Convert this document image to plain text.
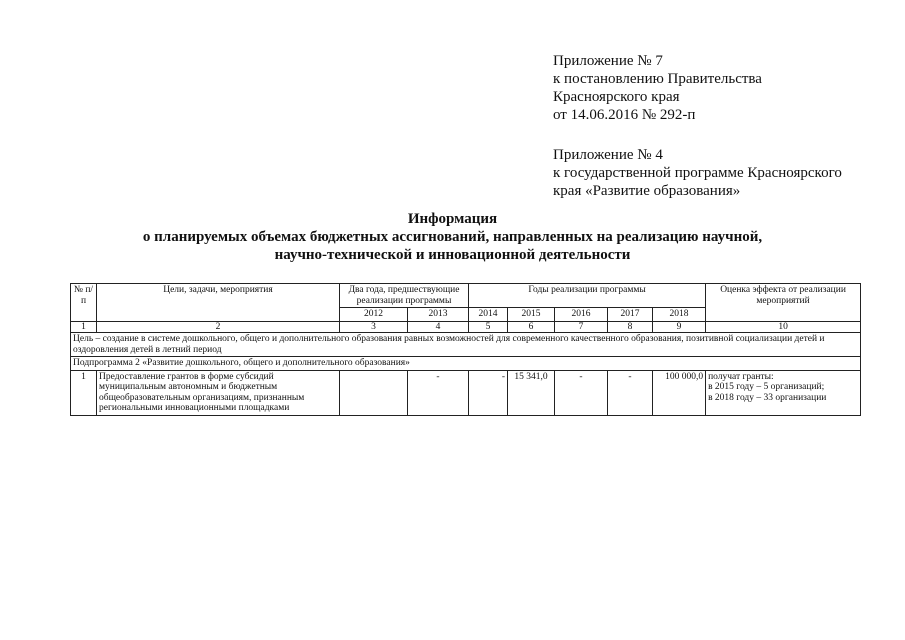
Приложение № 7
к постановлению Правительства
Красноярского края
от 14.06.2016 № 292-п
Приложение № 4
к государственной программе Красноярского
края «Развитие образования»
Информация
о планируемых объемах бюджетных ассигнований, направленных на реализацию научной,
научно-технической и инновационной деятельности
№ п/п	Цели, задачи, мероприятия	Два года, предшествующие реализации программы		Годы реализации программы					Оценка эффекта от реализации мероприятий
		2012	2013	2014	2015	2016	2017	2018	
1	2	3	4	5	6	7	8	9	10
Цель – создание в системе дошкольного, общего и дополнительного образования равных возможностей для современного качественного образования, позитивной социализации детей и оздоровления детей в летний период									
Подпрограмма 2 «Развитие дошкольного, общего и дополнительного образования»									
1	Предоставление грантов в форме субсидий муниципальным автономным и бюджетным общеобразовательным организациям, признанным региональными инновационными площадками		-	-	15 341,0	-	-	100 000,0	получат гранты:
в 2015 году – 5 организаций;
в 2018 году – 33 организации
